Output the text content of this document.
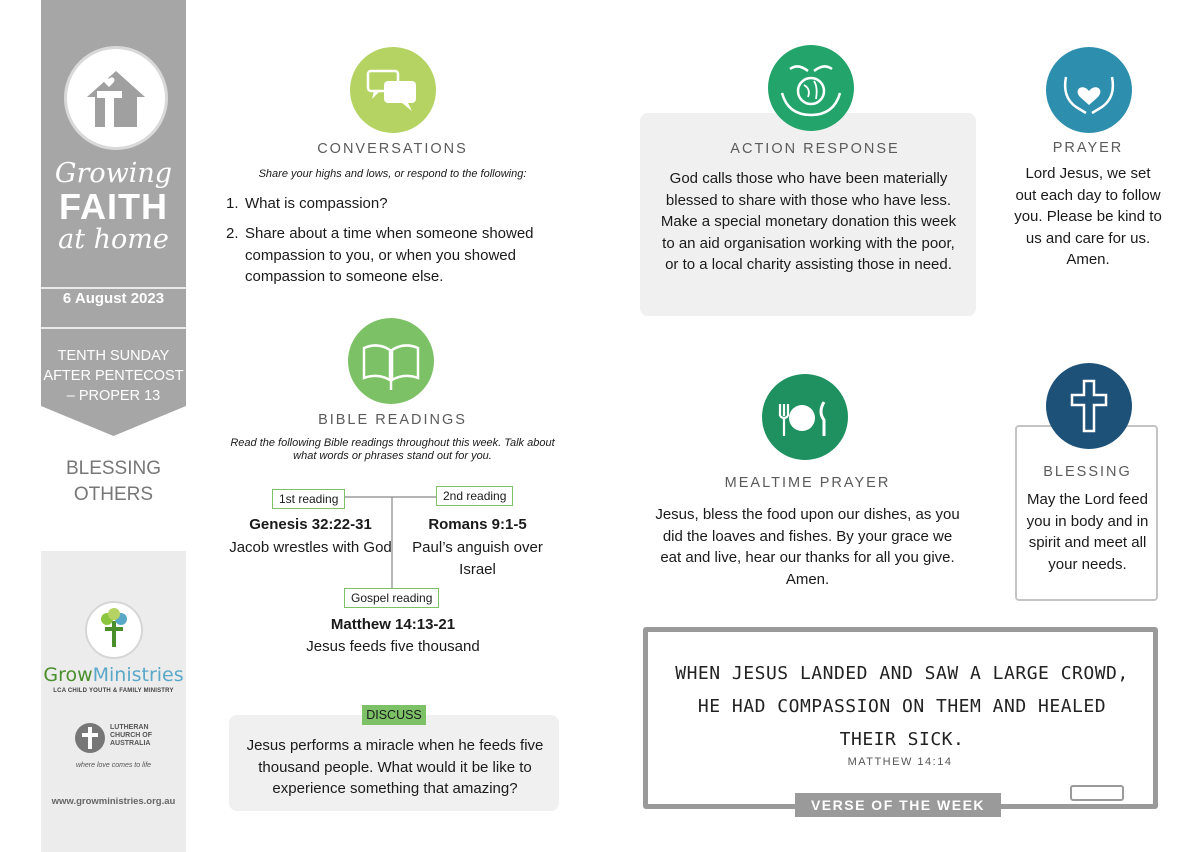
Growing
FAITH
at home
6 August 2023
TENTH SUNDAY AFTER PENTECOST – PROPER 13
BLESSING OTHERS
GrowMinistries
LCA CHILD YOUTH & FAMILY MINISTRY
LUTHERAN CHURCH OF AUSTRALIA
where love comes to life
www.growministries.org.au
CONVERSATIONS
Share your highs and lows, or respond to the following:
1. What is compassion?
2. Share about a time when someone showed compassion to you, or when you showed compassion to someone else.
BIBLE READINGS
Read the following Bible readings throughout this week. Talk about what words or phrases stand out for you.
1st reading	2nd reading
Gospel reading
Genesis 32:22-31
Jacob wrestles with God
Romans 9:1-5
Paul’s anguish over Israel
Matthew 14:13-21
Jesus feeds five thousand
DISCUSS
Jesus performs a miracle when he feeds five thousand people. What would it be like to experience something that amazing?
ACTION RESPONSE
God calls those who have been materially blessed to share with those who have less. Make a special monetary donation this week to an aid organisation working with the poor, or to a local charity assisting those in need.
PRAYER
Lord Jesus, we set out each day to follow you. Please be kind to us and care for us. Amen.
MEALTIME PRAYER
Jesus, bless the food upon our dishes, as you did the loaves and fishes. By your grace we eat and live, hear our thanks for all you give. Amen.
BLESSING
May the Lord feed you in body and in spirit and meet all your needs.
WHEN JESUS LANDED AND SAW A LARGE CROWD, HE HAD COMPASSION ON THEM AND HEALED THEIR SICK.
MATTHEW 14:14
VERSE OF THE WEEK
